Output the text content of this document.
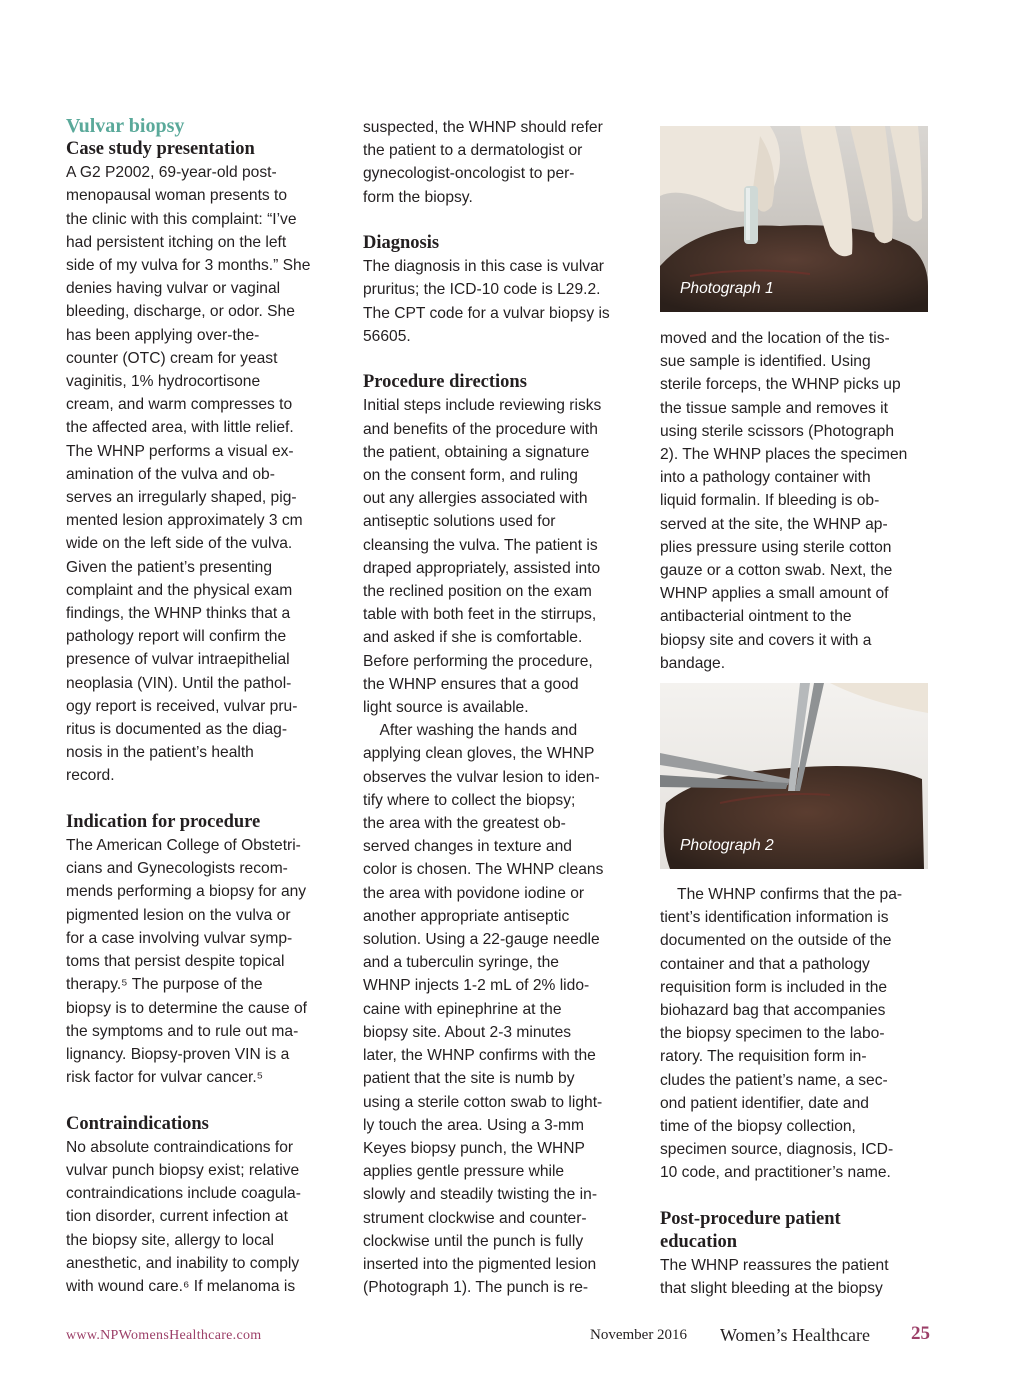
Vulvar biopsy
Case study presentation
A G2 P2002, 69-year-old post-
menopausal woman presents to
the clinic with this complaint: “I’ve
had persistent itching on the left
side of my vulva for 3 months.” She
denies having vulvar or vaginal
bleeding, discharge, or odor. She
has been applying over-the-
counter (OTC) cream for yeast
vaginitis, 1% hydrocortisone
cream, and warm compresses to
the affected area, with little relief.
The WHNP performs a visual ex-
amination of the vulva and ob-
serves an irregularly shaped, pig-
mented lesion approximately 3 cm
wide on the left side of the vulva.
Given the patient’s presenting
complaint and the physical exam
findings, the WHNP thinks that a
pathology report will confirm the
presence of vulvar intraepithelial
neoplasia (VIN). Until the pathol-
ogy report is received, vulvar pru-
ritus is documented as the diag-
nosis in the patient’s health
record.
Indication for procedure
The American College of Obstetri-
cians and Gynecologists recom-
mends performing a biopsy for any
pigmented lesion on the vulva or
for a case involving vulvar symp-
toms that persist despite topical
therapy.⁵ The purpose of the
biopsy is to determine the cause of
the symptoms and to rule out ma-
lignancy. Biopsy-proven VIN is a
risk factor for vulvar cancer.⁵
Contraindications
No absolute contraindications for
vulvar punch biopsy exist; relative
contraindications include coagula-
tion disorder, current infection at
the biopsy site, allergy to local
anesthetic, and inability to comply
with wound care.⁶ If melanoma is
suspected, the WHNP should refer
the patient to a dermatologist or
gynecologist-oncologist to per-
form the biopsy.
Diagnosis
The diagnosis in this case is vulvar
pruritus; the ICD-10 code is L29.2.
The CPT code for a vulvar biopsy is
56605.
Procedure directions
Initial steps include reviewing risks
and benefits of the procedure with
the patient, obtaining a signature
on the consent form, and ruling
out any allergies associated with
antiseptic solutions used for
cleansing the vulva. The patient is
draped appropriately, assisted into
the reclined position on the exam
table with both feet in the stirrups,
and asked if she is comfortable.
Before performing the procedure,
the WHNP ensures that a good
light source is available.
After washing the hands and
applying clean gloves, the WHNP
observes the vulvar lesion to iden-
tify where to collect the biopsy;
the area with the greatest ob-
served changes in texture and
color is chosen. The WHNP cleans
the area with povidone iodine or
another appropriate antiseptic
solution. Using a 22-gauge needle
and a tuberculin syringe, the
WHNP injects 1-2 mL of 2% lido-
caine with epinephrine at the
biopsy site. About 2-3 minutes
later, the WHNP confirms with the
patient that the site is numb by
using a sterile cotton swab to light-
ly touch the area. Using a 3-mm
Keyes biopsy punch, the WHNP
applies gentle pressure while
slowly and steadily twisting the in-
strument clockwise and counter-
clockwise until the punch is fully
inserted into the pigmented lesion
(Photograph 1). The punch is re-
Photograph 1
moved and the location of the tis-
sue sample is identified. Using
sterile forceps, the WHNP picks up
the tissue sample and removes it
using sterile scissors (Photograph
2). The WHNP places the specimen
into a pathology container with
liquid formalin. If bleeding is ob-
served at the site, the WHNP ap-
plies pressure using sterile cotton
gauze or a cotton swab. Next, the
WHNP applies a small amount of
antibacterial ointment to the
biopsy site and covers it with a
bandage.
Photograph 2
The WHNP confirms that the pa-
tient’s identification information is
documented on the outside of the
container and that a pathology
requisition form is included in the
biohazard bag that accompanies
the biopsy specimen to the labo-
ratory. The requisition form in-
cludes the patient’s name, a sec-
ond patient identifier, date and
time of the biopsy collection,
specimen source, diagnosis, ICD-
10 code, and practitioner’s name.
Post-procedure patient
education
The WHNP reassures the patient
that slight bleeding at the biopsy
www.NPWomensHealthcare.com	November 2016 Women’s Healthcare 25
